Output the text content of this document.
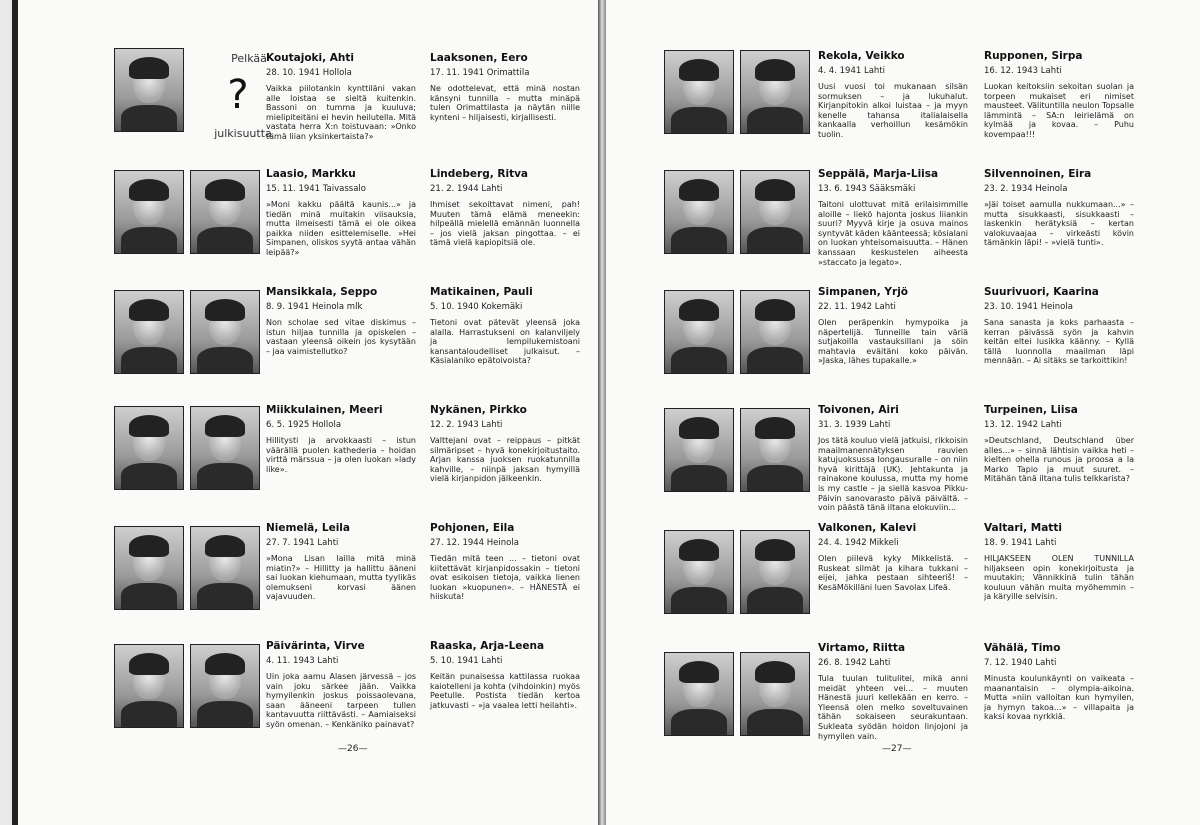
Pelkää
?
julkisuutta
Koutajoki, Ahti
28. 10. 1941 Hollola
Vaikka piilotankin kynttiläni vakan alle loistaa se sieltä kuitenkin. Bassoni on tumma ja kuuluva; mielipiteitäni ei hevin heilutella. Mitä vastata herra X:n toistuvaan: »Onko tämä liian yksinkertaista?»
Laaksonen, Eero
17. 11. 1941 Orimattila
Ne odottelevat, että minä nostan känsyni tunnilla – mutta minäpä tulen Orimattilasta ja näytän niille kynteni – hiljaisesti, kirjallisesti.
Laasio, Markku
15. 11. 1941 Taivassalo
»Moni kakku päältä kaunis...» ja tiedän minä muitakin viisauksia, mutta ilmeisesti tämä ei ole oikea paikka niiden esittelemiselle. »Hei Simpanen, oliskos syytä antaa vähän leipää?»
Lindeberg, Ritva
21. 2. 1944 Lahti
Ihmiset sekoittavat nimeni, pah! Muuten tämä elämä meneekin: hilpeällä mielellä emännän luonnella – jos vielä jaksan pingottaa. – ei tämä vielä kapiopitsiä ole.
Mansikkala, Seppo
8. 9. 1941 Heinola mlk
Non scholae sed vitae diskimus – istun hiljaa tunnilla ja opiskelen – vastaan yleensä oikein jos kysytään – jaa vaimistellutko?
Matikainen, Pauli
5. 10. 1940 Kokemäki
Tietoni ovat pätevät yleensä joka alalla. Harrastukseni on kalanviljely ja lempilukemistoani kansantaloudelliset julkaisut. – Käsialaniko epätoivoista?
Miikkulainen, Meeri
6. 5. 1925 Hollola
Hillitysti ja arvokkaasti – istun väärällä puolen kathederia – hoidan virttä märssua – ja olen luokan »lady like».
Nykänen, Pirkko
12. 2. 1943 Lahti
Valttejani ovat – reippaus – pitkät silmäripset – hyvä konekirjoitustaito. Arjan kanssa juoksen ruokatunnilla kahville, – niinpä jaksan hymyillä vielä kirjanpidon jälkeenkin.
Niemelä, Leila
27. 7. 1941 Lahti
»Mona Lisan lailla mitä minä miatin?» – Hillitty ja hallittu ääneni sai luokan kiehumaan, mutta tyylikäs olemukseni korvasi äänen vajavuuden.
Pohjonen, Eila
27. 12. 1944 Heinola
Tiedän mitä teen ... – tietoni ovat kiitettävät kirjanpidossakin – tietoni ovat esikoisen tietoja, vaikka lienen luokan »kuopunen». – HÄNESTÄ ei hiiskuta!
Päivärinta, Virve
4. 11. 1943 Lahti
Uin joka aamu Alasen järvessä – jos vain joku särkee jään. Vaikka hymyilenkin joskus poissaolevana, saan ääneeni tarpeen tullen kantavuutta riittävästi. – Aamiaiseksi syön omenan. – Kenkäniko painavat?
Raaska, Arja-Leena
5. 10. 1941 Lahti
Keitän punaisessa kattilassa ruokaa kaiotelleni ja kohta (vihdoinkin) myös Peetulle. Postista tiedän kertoa jatkuvasti – »ja vaalea letti heilahti».
—26—
Rekola, Veikko
4. 4. 1941 Lahti
Uusi vuosi toi mukanaan silsän sormuksen – ja lukuhalut. Kirjanpitokin alkoi luistaa – ja myyn kenelle tahansa italialaisella kankaalla verhoillun kesämökin tuolin.
Rupponen, Sirpa
16. 12. 1943 Lahti
Luokan keitoksiin sekoitan suolan ja torpeen mukaiset eri nimiset mausteet. Välituntilla neulon Topsalle lämmintä – SA:n leirielämä on kylmää ja kovaa. – Puhu kovempaa!!!
Seppälä, Marja-Liisa
13. 6. 1943 Sääksmäki
Taitoni ulottuvat mitä erilaisimmille aloille – liekö hajonta joskus liiankin suuri? Myyvä kirje ja osuva mainos syntyvät käden käänteessä; kösialani on luokan yhteisomaisuutta. – Hänen kanssaan keskustelen aiheesta »staccato ja legato».
Silvennoinen, Eira
23. 2. 1934 Heinola
»Jäi toiset aamulla nukkumaan...» – mutta sisukkaasti, sisukkaasti – laskenkin herätyksiä – kertan valokuvaajaa – virkeästi kövin tämänkin läpi! – »vielä tunti».
Simpanen, Yrjö
22. 11. 1942 Lahti
Olen peräpenkin hymypoika ja näpertelijä. Tunneille tain väriä sutjakoilla vastauksillani ja söin mahtavia eväitäni koko päivän. »Jaska, lähes tupakalle.»
Suurivuori, Kaarina
23. 10. 1941 Heinola
Sana sanasta ja koks parhaasta – kerran päivässä syön ja kahvin keitän eltei lusikka käänny. – Kyllä tällä luonnolla maailman läpi mennään. – Ai sitäks se tarkoittikin!
Toivonen, Airi
31. 3. 1939 Lahti
Jos tätä kouluo vielä jatkuisi, rikkoisin maailmanennätyksen rauvien katujuoksussa Iongausuralle – on niin hyvä kirittäjä (UK). Jehtakunta ja rainakone koulussa, mutta my home is my castle – ja siellä kasvoa Pikku-Päivin sanovarasto päivä päivältä. – voin päästä tänä iltana elokuviin...
Turpeinen, Liisa
13. 12. 1942 Lahti
»Deutschland, Deutschland über alles...» – sinnä lähtisin vaikka heti – kielten ohella runous ja proosa a la Marko Tapio ja muut suuret. – Mitähän tänä iltana tulis telkkarista?
Valkonen, Kalevi
24. 4. 1942 Mikkeli
Olen piilevä kyky Mikkelistä. – Ruskeat silmät ja kihara tukkani – eijei, jahka pestaan sihteeriš! – KesäMökilläni luen Savolax Lifeä.
Valtari, Matti
18. 9. 1941 Lahti
HILJAKSEEN OLEN TUNNILLA hiljakseen opin konekirjoitusta ja muutakin; Vännikkinä tulin tähän kouluun vähän muita myöhemmin – ja käryille selvisin.
Virtamo, Riitta
26. 8. 1942 Lahti
Tula tuulan tulitulitei, mikä anni meidät yhteen vei... – muuten Hänestä juuri kellekään en kerro. – Yleensä olen melko soveltuvainen tähän sokaiseen seurakuntaan. Sukleata syödän hoidon linjojoni ja hymyilen vain.
Vähälä, Timo
7. 12. 1940 Lahti
Minusta koulunkäynti on vaikeata – maanantaisin – olympia-aikoina. Mutta »niin valloitan kun hymyilen, ja hymyn takoa...» – villapaita ja kaksi kovaa nyrkkiä.
—27—
